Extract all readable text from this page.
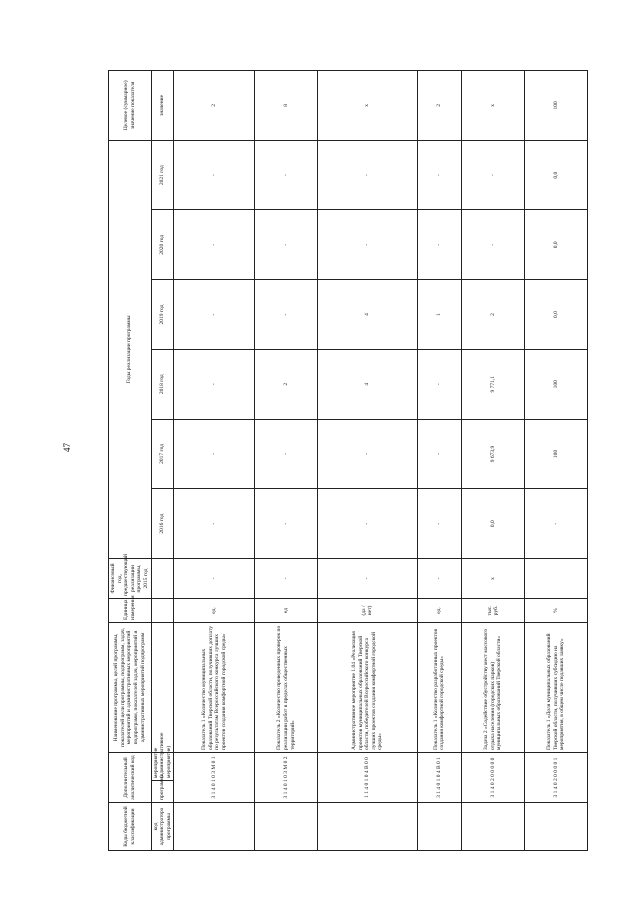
47
Коды бюджетной классификации	Дополнительный аналитический код		Наименование программы, целей программы, показателей цели программы, подпрограмм, задач, мероприятий и административных мероприятий подпрограмм, показателей задач, мероприятий и административных мероприятий подпрограмм	Единица измерения	Финансовый год, предшествующий реализации программы, 2015 год	Годы реализации программы						Целевое (суммарное) значение показателя
код администратора программы	программа	мероприятие (административное мероприятие)				2016 год	2017 год	2018 год	2019 год	2020 год	2021 год	значение
	3 1 4 0 1 0 3 М 0 1		Показатель 1 «Количество муниципальных образований Тверской области, получивших доплату по результатам Всероссийского конкурса лучших проектов создания комфортной городской среды»	ед.	-	-	-	-	-	-	-	2
	3 1 4 0 1 0 3 М 0 2		Показатель 2 «Количество проведенных проверок по реализации работ в пределах общественных территорий»	ед	-	-	-	2	-	-	-	8
	1 1 4 0 1 0 4 В 0 0		Административное мероприятие 1.04 «Реализация проектов муниципальных образований Тверской области, победителей Всероссийского конкурса лучших проектов создания комфортной городской среды»	(да / нет)	-	-	-	4	4	-	-	х
	3 1 4 0 1 0 4 В 0 1		Показатель 1 «Количество разработанных проектов создания комфортной городской среды»	ед.	-	-	-	-	1	-	-	2
	3 1 4 0 2 0 0 0 0 0		Задача 2 «Содействие обустройству мест массового отдыха населения (городских парков) муниципальных образований Тверской области»	тыс. руб.	х	0,0	9 673,9	9 771,1	2	-	-	х
	3 1 4 0 2 0 0 0 0 1		Показатель 1 «Доля муниципальных образований Тверской области, получивших субсидию на мероприятия, в общем числе подавших заявку»	%		-	100	100	0,0	0,0	0,0	100
